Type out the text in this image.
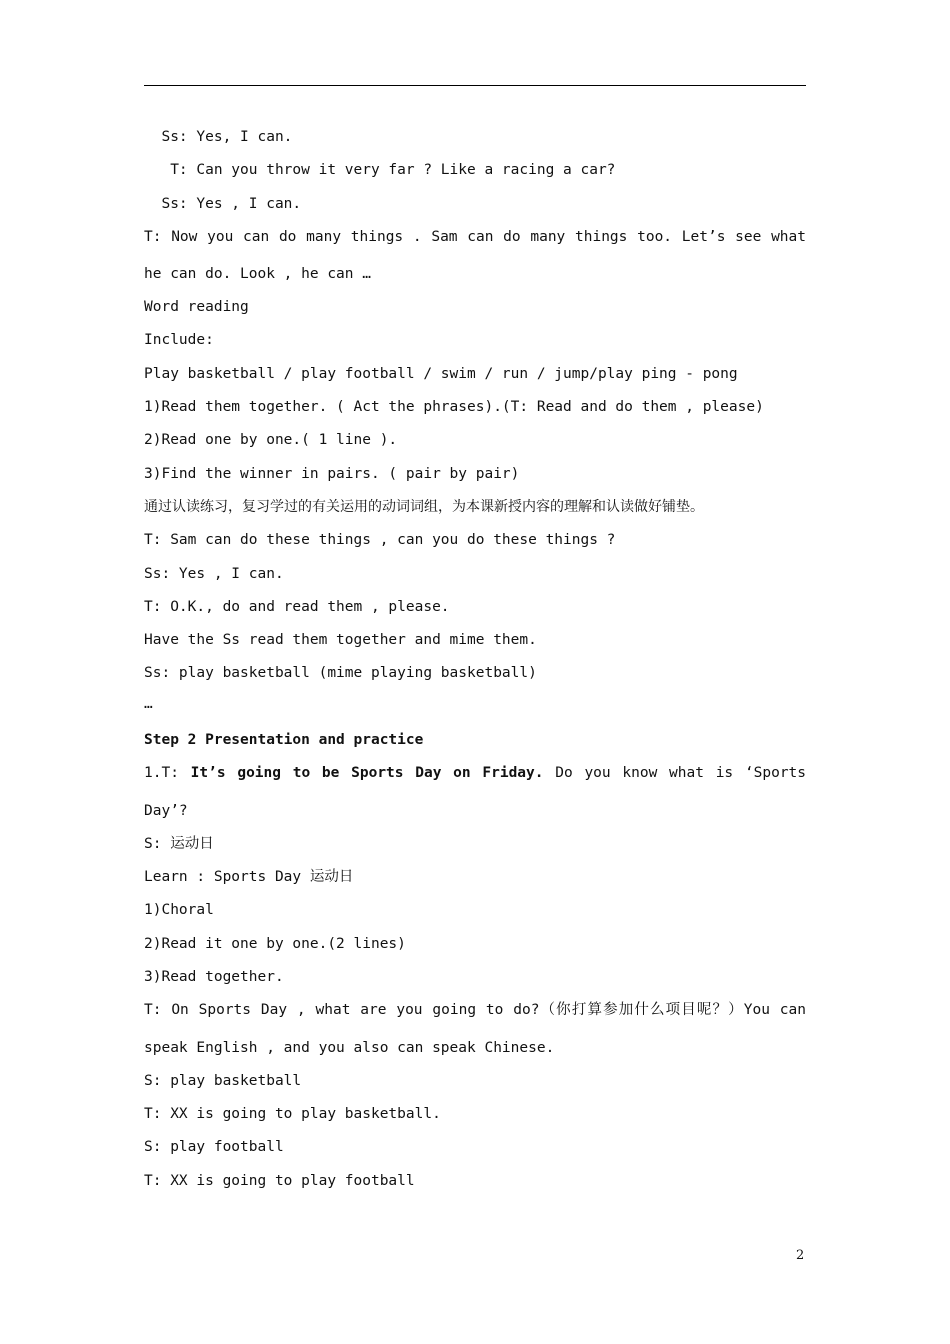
Ss: Yes, I can.
T: Can you throw it very far ? Like a racing a car?
Ss: Yes , I can.
T: Now you can do many things . Sam can do many things too. Let’s see what
he can do. Look , he can …
Word reading
Include:
Play basketball / play football / swim / run / jump/play ping - pong
1)Read them together. ( Act the phrases).(T: Read and do them , please)
2)Read one by one.( 1 line ).
3)Find the winner in pairs. ( pair by pair)
通过认读练习，复习学过的有关运用的动词词组，为本课新授内容的理解和认读做好铺垫。
T: Sam can do these things , can you do these things ?
Ss: Yes , I can.
T: O.K., do and read them , please.
Have the Ss read them together and mime them.
Ss: play basketball (mime playing basketball)
…
Step 2 Presentation and practice
1.T: It’s going to be Sports Day on Friday. Do you know what is ‘Sports
Day’?
S: 运动日
Learn : Sports Day 运动日
1)Choral
2)Read it one by one.(2 lines)
3)Read together.
T: On Sports Day , what are you going to do?（你打算参加什么项目呢？）You can
speak English , and you also can speak Chinese.
S: play basketball
T: XX is going to play basketball.
S: play football
T: XX is going to play football
2
